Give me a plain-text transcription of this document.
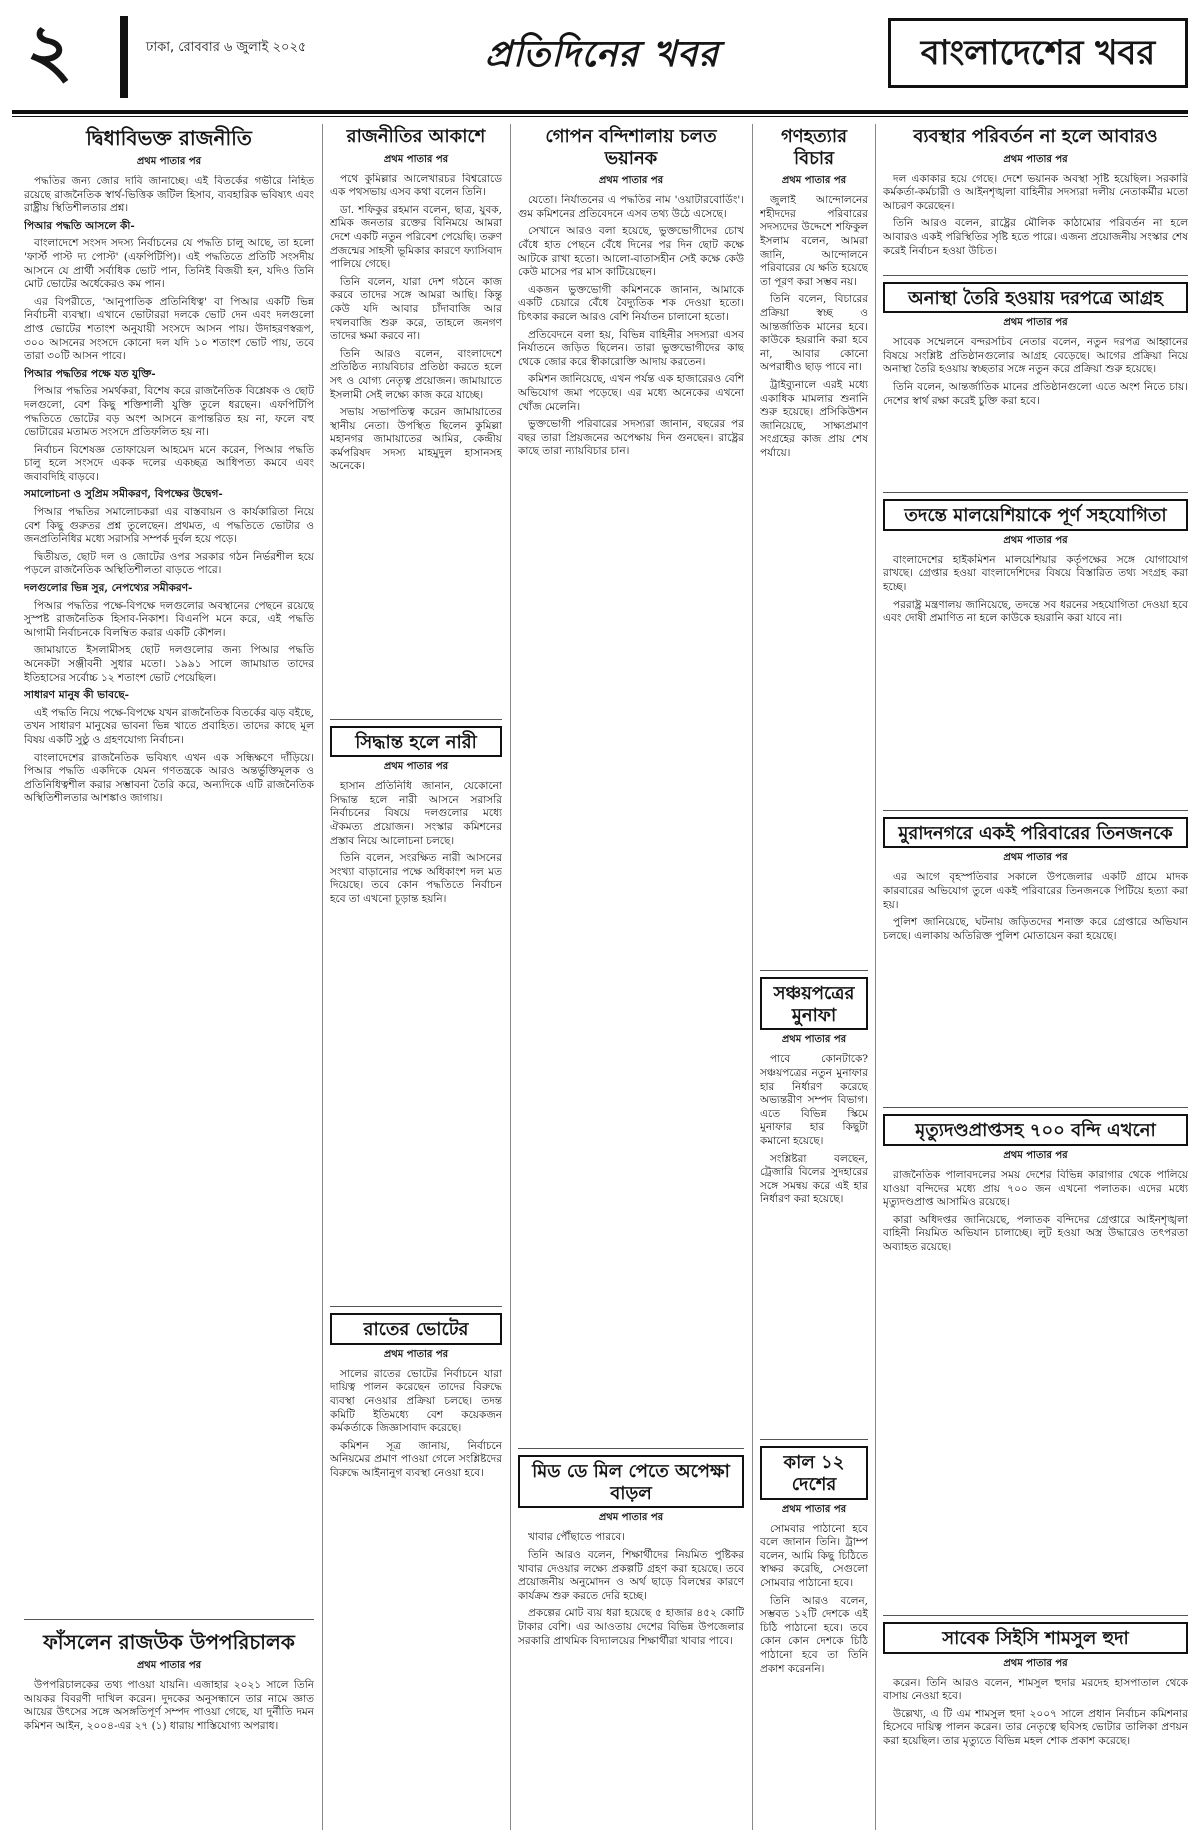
২	ঢাকা, রোববার ৬ জুলাই ২০২৫	প্রতিদিনের খবর	বাংলাদেশের খবর
দ্বিধাবিভক্ত রাজনীতি
প্রথম পাতার পর

পদ্ধতির জন্য জোর দাবি জানাচ্ছে। এই বিতর্কের গভীরে নিহিত রয়েছে রাজনৈতিক স্বার্থ-ভিত্তিক জটিল হিসাব, ব্যবহারিক ভবিষ্যৎ এবং রাষ্ট্রীয় স্থিতিশীলতার প্রশ্ন।

পিআর পদ্ধতি আসলে কী-

বাংলাদেশে সংসদ সদস্য নির্বাচনের যে পদ্ধতি চালু আছে, তা হলো 'ফার্স্ট পাস্ট দ্য পোস্ট' (এফপিটিপি)। এই পদ্ধতিতে প্রতিটি সংসদীয় আসনে যে প্রার্থী সর্বাধিক ভোট পান, তিনিই বিজয়ী হন, যদিও তিনি মোট ভোটের অর্ধেকেরও কম পান।

এর বিপরীতে, 'আনুপাতিক প্রতিনিধিত্ব' বা পিআর একটি ভিন্ন নির্বাচনী ব্যবস্থা। এখানে ভোটাররা দলকে ভোট দেন এবং দলগুলো প্রাপ্ত ভোটের শতাংশ অনুযায়ী সংসদে আসন পায়। উদাহরণস্বরূপ, ৩০০ আসনের সংসদে কোনো দল যদি ১০ শতাংশ ভোট পায়, তবে তারা ৩০টি আসন পাবে।

পিআর পদ্ধতির পক্ষে যত যুক্তি-

পিআর পদ্ধতির সমর্থকরা, বিশেষ করে রাজনৈতিক বিশ্লেষক ও ছোট দলগুলো, বেশ কিছু শক্তিশালী যুক্তি তুলে ধরছেন। এফপিটিপি পদ্ধতিতে ভোটের বড় অংশ আসনে রূপান্তরিত হয় না, ফলে বহু ভোটারের মতামত সংসদে প্রতিফলিত হয় না।

নির্বাচন বিশেষজ্ঞ তোফায়েল আহমেদ মনে করেন, পিআর পদ্ধতি চালু হলে সংসদে একক দলের একচ্ছত্র আধিপত্য কমবে এবং জবাবদিহি বাড়বে।

সমালোচনা ও সুপ্রিম সমীকরণ, বিপক্ষের উদ্বেগ-

পিআর পদ্ধতির সমালোচকরা এর বাস্তবায়ন ও কার্যকারিতা নিয়ে বেশ কিছু গুরুতর প্রশ্ন তুলেছেন। প্রথমত, এ পদ্ধতিতে ভোটার ও জনপ্রতিনিধির মধ্যে সরাসরি সম্পর্ক দুর্বল হয়ে পড়ে।

দ্বিতীয়ত, ছোট দল ও জোটের ওপর সরকার গঠন নির্ভরশীল হয়ে পড়লে রাজনৈতিক অস্থিতিশীলতা বাড়তে পারে।

দলগুলোর ভিন্ন সুর, নেপথ্যের সমীকরণ-

পিআর পদ্ধতির পক্ষে-বিপক্ষে দলগুলোর অবস্থানের পেছনে রয়েছে সুস্পষ্ট রাজনৈতিক হিসাব-নিকাশ। বিএনপি মনে করে, এই পদ্ধতি আগামী নির্বাচনকে বিলম্বিত করার একটি কৌশল।

জামায়াতে ইসলামীসহ ছোট দলগুলোর জন্য পিআর পদ্ধতি অনেকটা সঞ্জীবনী সুধার মতো। ১৯৯১ সালে জামায়াত তাদের ইতিহাসের সর্বোচ্চ ১২ শতাংশ ভোট পেয়েছিল।

সাধারণ মানুষ কী ভাবছে-

এই পদ্ধতি নিয়ে পক্ষে-বিপক্ষে যখন রাজনৈতিক বিতর্কের ঝড় বইছে, তখন সাধারণ মানুষের ভাবনা ভিন্ন খাতে প্রবাহিত। তাদের কাছে মূল বিষয় একটি সুষ্ঠু ও গ্রহণযোগ্য নির্বাচন।

বাংলাদেশের রাজনৈতিক ভবিষ্যৎ এখন এক সন্ধিক্ষণে দাঁড়িয়ে। পিআর পদ্ধতি একদিকে যেমন গণতন্ত্রকে আরও অন্তর্ভুক্তিমূলক ও প্রতিনিধিত্বশীল করার সম্ভাবনা তৈরি করে, অন্যদিকে এটি রাজনৈতিক অস্থিতিশীলতার আশঙ্কাও জাগায়।

ফাঁসলেন রাজউক উপপরিচালক
প্রথম পাতার পর

উপপরিচালকের তথ্য পাওয়া যায়নি। এজাহার ২০২১ সালে তিনি আয়কর বিবরণী দাখিল করেন। দুদকের অনুসন্ধানে তার নামে জ্ঞাত আয়ের উৎসের সঙ্গে অসঙ্গতিপূর্ণ সম্পদ পাওয়া গেছে, যা দুর্নীতি দমন কমিশন আইন, ২০০৪-এর ২৭ (১) ধারায় শাস্তিযোগ্য অপরাধ।

রাজনীতির আকাশে
প্রথম পাতার পর

পথে কুমিল্লার আলেখারচর বিশ্বরোডে এক পথসভায় এসব কথা বলেন তিনি।

ডা. শফিকুর রহমান বলেন, ছাত্র, যুবক, শ্রমিক জনতার রক্তের বিনিময়ে আমরা দেশে একটি নতুন পরিবেশ পেয়েছি। তরুণ প্রজন্মের সাহসী ভূমিকার কারণে ফ্যাসিবাদ পালিয়ে গেছে।

তিনি বলেন, যারা দেশ গঠনে কাজ করবে তাদের সঙ্গে আমরা আছি। কিন্তু কেউ যদি আবার চাঁদাবাজি আর দখলবাজি শুরু করে, তাহলে জনগণ তাদের ক্ষমা করবে না।

তিনি আরও বলেন, বাংলাদেশে প্রতিষ্ঠিত ন্যায়বিচার প্রতিষ্ঠা করতে হলে সৎ ও যোগ্য নেতৃত্ব প্রয়োজন। জামায়াতে ইসলামী সেই লক্ষ্যে কাজ করে যাচ্ছে।

সভায় সভাপতিত্ব করেন জামায়াতের স্থানীয় নেতা। উপস্থিত ছিলেন কুমিল্লা মহানগর জামায়াতের আমির, কেন্দ্রীয় কর্মপরিষদ সদস্য মাহমুদুল হাসানসহ অনেকে।

সিদ্ধান্ত হলে নারী
প্রথম পাতার পর

হাসান প্রতিনিধি জানান, যেকোনো সিদ্ধান্ত হলে নারী আসনে সরাসরি নির্বাচনের বিষয়ে দলগুলোর মধ্যে ঐকমত্য প্রয়োজন। সংস্কার কমিশনের প্রস্তাব নিয়ে আলোচনা চলছে।

তিনি বলেন, সংরক্ষিত নারী আসনের সংখ্যা বাড়ানোর পক্ষে অধিকাংশ দল মত দিয়েছে। তবে কোন পদ্ধতিতে নির্বাচন হবে তা এখনো চূড়ান্ত হয়নি।

রাতের ভোটের
প্রথম পাতার পর

সালের রাতের ভোটের নির্বাচনে যারা দায়িত্ব পালন করেছেন তাদের বিরুদ্ধে ব্যবস্থা নেওয়ার প্রক্রিয়া চলছে। তদন্ত কমিটি ইতিমধ্যে বেশ কয়েকজন কর্মকর্তাকে জিজ্ঞাসাবাদ করেছে।

কমিশন সূত্র জানায়, নির্বাচনে অনিয়মের প্রমাণ পাওয়া গেলে সংশ্লিষ্টদের বিরুদ্ধে আইনানুগ ব্যবস্থা নেওয়া হবে।

গোপন বন্দিশালায় চলত ভয়ানক
প্রথম পাতার পর

যেতো। নির্যাতনের এ পদ্ধতির নাম 'ওয়াটারবোর্ডিং'। গুম কমিশনের প্রতিবেদনে এসব তথ্য উঠে এসেছে।

সেখানে আরও বলা হয়েছে, ভুক্তভোগীদের চোখ বেঁধে হাত পেছনে বেঁধে দিনের পর দিন ছোট কক্ষে আটকে রাখা হতো। আলো-বাতাসহীন সেই কক্ষে কেউ কেউ মাসের পর মাস কাটিয়েছেন।

একজন ভুক্তভোগী কমিশনকে জানান, আমাকে একটি চেয়ারে বেঁধে বৈদ্যুতিক শক দেওয়া হতো। চিৎকার করলে আরও বেশি নির্যাতন চালানো হতো।

প্রতিবেদনে বলা হয়, বিভিন্ন বাহিনীর সদস্যরা এসব নির্যাতনে জড়িত ছিলেন। তারা ভুক্তভোগীদের কাছ থেকে জোর করে স্বীকারোক্তি আদায় করতেন।

কমিশন জানিয়েছে, এখন পর্যন্ত এক হাজারেরও বেশি অভিযোগ জমা পড়েছে। এর মধ্যে অনেকের এখনো খোঁজ মেলেনি।

ভুক্তভোগী পরিবারের সদস্যরা জানান, বছরের পর বছর তারা প্রিয়জনের অপেক্ষায় দিন গুনছেন। রাষ্ট্রের কাছে তারা ন্যায়বিচার চান।

মিড ডে মিল পেতে অপেক্ষা বাড়ল
প্রথম পাতার পর

খাবার পৌঁছাতে পারবে।

তিনি আরও বলেন, শিক্ষার্থীদের নিয়মিত পুষ্টিকর খাবার দেওয়ার লক্ষ্যে প্রকল্পটি গ্রহণ করা হয়েছে। তবে প্রয়োজনীয় অনুমোদন ও অর্থ ছাড়ে বিলম্বের কারণে কার্যক্রম শুরু করতে দেরি হচ্ছে।

প্রকল্পের মোট ব্যয় ধরা হয়েছে ৫ হাজার ৪৫২ কোটি টাকার বেশি। এর আওতায় দেশের বিভিন্ন উপজেলার সরকারি প্রাথমিক বিদ্যালয়ের শিক্ষার্থীরা খাবার পাবে।

গণহত্যার বিচার
প্রথম পাতার পর

জুলাই আন্দোলনের শহীদদের পরিবারের সদস্যদের উদ্দেশে শফিকুল ইসলাম বলেন, আমরা জানি, আন্দোলনে পরিবারের যে ক্ষতি হয়েছে তা পূরণ করা সম্ভব নয়।

তিনি বলেন, বিচারের প্রক্রিয়া স্বচ্ছ ও আন্তর্জাতিক মানের হবে। কাউকে হয়রানি করা হবে না, আবার কোনো অপরাধীও ছাড় পাবে না।

ট্রাইব্যুনালে এরই মধ্যে একাধিক মামলার শুনানি শুরু হয়েছে। প্রসিকিউশন জানিয়েছে, সাক্ষ্যপ্রমাণ সংগ্রহের কাজ প্রায় শেষ পর্যায়ে।

সঞ্চয়পত্রের মুনাফা
প্রথম পাতার পর

পাবে কোনটাকে? সঞ্চয়পত্রের নতুন মুনাফার হার নির্ধারণ করেছে অভ্যন্তরীণ সম্পদ বিভাগ। এতে বিভিন্ন স্কিমে মুনাফার হার কিছুটা কমানো হয়েছে।

সংশ্লিষ্টরা বলছেন, ট্রেজারি বিলের সুদহারের সঙ্গে সমন্বয় করে এই হার নির্ধারণ করা হয়েছে।

কাল ১২ দেশের
প্রথম পাতার পর

সোমবার পাঠানো হবে বলে জানান তিনি। ট্রাম্প বলেন, আমি কিছু চিঠিতে স্বাক্ষর করেছি, সেগুলো সোমবার পাঠানো হবে।

তিনি আরও বলেন, সম্ভবত ১২টি দেশকে এই চিঠি পাঠানো হবে। তবে কোন কোন দেশকে চিঠি পাঠানো হবে তা তিনি প্রকাশ করেননি।

ব্যবস্থার পরিবর্তন না হলে আবারও
প্রথম পাতার পর

দল একাকার হয়ে গেছে। দেশে ভয়ানক অবস্থা সৃষ্টি হয়েছিল। সরকারি কর্মকর্তা-কর্মচারী ও আইনশৃঙ্খলা বাহিনীর সদস্যরা দলীয় নেতাকর্মীর মতো আচরণ করেছেন।

তিনি আরও বলেন, রাষ্ট্রের মৌলিক কাঠামোর পরিবর্তন না হলে আবারও একই পরিস্থিতির সৃষ্টি হতে পারে। এজন্য প্রয়োজনীয় সংস্কার শেষ করেই নির্বাচন হওয়া উচিত।

অনাস্থা তৈরি হওয়ায় দরপত্রে আগ্রহ
প্রথম পাতার পর

সাবেক সম্মেলনে বন্দরসচিব নেতার বলেন, নতুন দরপত্র আহ্বানের বিষয়ে সংশ্লিষ্ট প্রতিষ্ঠানগুলোর আগ্রহ বেড়েছে। আগের প্রক্রিয়া নিয়ে অনাস্থা তৈরি হওয়ায় স্বচ্ছতার সঙ্গে নতুন করে প্রক্রিয়া শুরু হয়েছে।

তিনি বলেন, আন্তর্জাতিক মানের প্রতিষ্ঠানগুলো এতে অংশ নিতে চায়। দেশের স্বার্থ রক্ষা করেই চুক্তি করা হবে।

তদন্তে মালয়েশিয়াকে পূর্ণ সহযোগিতা
প্রথম পাতার পর

বাংলাদেশের হাইকমিশন মালয়েশিয়ার কর্তৃপক্ষের সঙ্গে যোগাযোগ রাখছে। গ্রেপ্তার হওয়া বাংলাদেশিদের বিষয়ে বিস্তারিত তথ্য সংগ্রহ করা হচ্ছে।

পররাষ্ট্র মন্ত্রণালয় জানিয়েছে, তদন্তে সব ধরনের সহযোগিতা দেওয়া হবে এবং দোষী প্রমাণিত না হলে কাউকে হয়রানি করা যাবে না।

মুরাদনগরে একই পরিবারের তিনজনকে
প্রথম পাতার পর

এর আগে বৃহস্পতিবার সকালে উপজেলার একটি গ্রামে মাদক কারবারের অভিযোগ তুলে একই পরিবারের তিনজনকে পিটিয়ে হত্যা করা হয়।

পুলিশ জানিয়েছে, ঘটনায় জড়িতদের শনাক্ত করে গ্রেপ্তারে অভিযান চলছে। এলাকায় অতিরিক্ত পুলিশ মোতায়েন করা হয়েছে।

মৃত্যুদণ্ডপ্রাপ্তসহ ৭০০ বন্দি এখনো
প্রথম পাতার পর

রাজনৈতিক পালাবদলের সময় দেশের বিভিন্ন কারাগার থেকে পালিয়ে যাওয়া বন্দিদের মধ্যে প্রায় ৭০০ জন এখনো পলাতক। এদের মধ্যে মৃত্যুদণ্ডপ্রাপ্ত আসামিও রয়েছে।

কারা অধিদপ্তর জানিয়েছে, পলাতক বন্দিদের গ্রেপ্তারে আইনশৃঙ্খলা বাহিনী নিয়মিত অভিযান চালাচ্ছে। লুট হওয়া অস্ত্র উদ্ধারেও তৎপরতা অব্যাহত রয়েছে।

সাবেক সিইসি শামসুল হুদা
প্রথম পাতার পর

করেন। তিনি আরও বলেন, শামসুল হুদার মরদেহ হাসপাতাল থেকে বাসায় নেওয়া হবে।

উল্লেখ্য, এ টি এম শামসুল হুদা ২০০৭ সালে প্রধান নির্বাচন কমিশনার হিসেবে দায়িত্ব পালন করেন। তার নেতৃত্বে ছবিসহ ভোটার তালিকা প্রণয়ন করা হয়েছিল। তার মৃত্যুতে বিভিন্ন মহল শোক প্রকাশ করেছে।
